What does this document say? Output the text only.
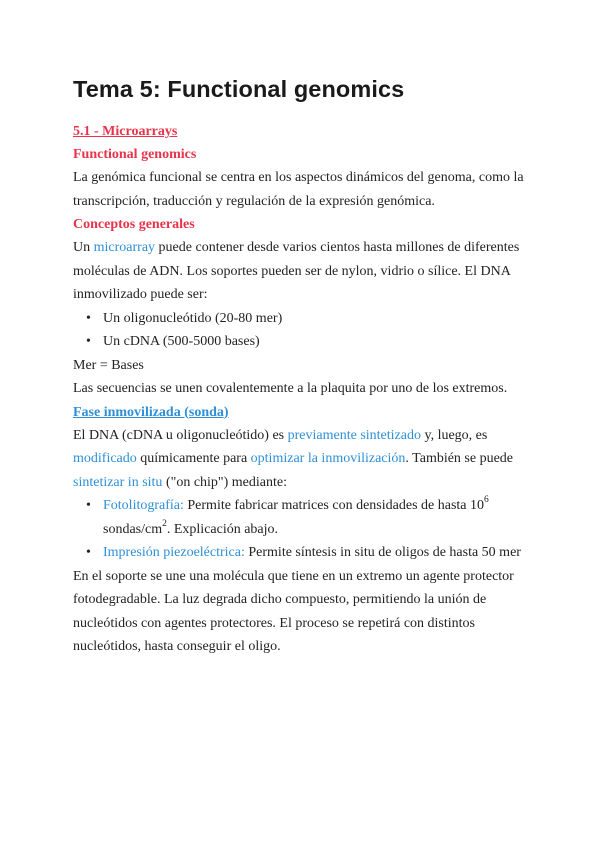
Tema 5: Functional genomics
5.1 - Microarrays
Functional genomics

La genómica funcional se centra en los aspectos dinámicos del genoma, como la transcripción, traducción y regulación de la expresión genómica.

Conceptos generales

Un microarray puede contener desde varios cientos hasta millones de diferentes moléculas de ADN. Los soportes pueden ser de nylon, vidrio o sílice. El DNA inmovilizado puede ser:

• Un oligonucleótido (20-80 mer)
• Un cDNA (500-5000 bases)

Mer = Bases

Las secuencias se unen covalentemente a la plaquita por uno de los extremos.

Fase inmovilizada (sonda)

El DNA (cDNA u oligonucleótido) es previamente sintetizado y, luego, es modificado químicamente para optimizar la inmovilización. También se puede sintetizar in situ ("on chip") mediante:

• Fotolitografía: Permite fabricar matrices con densidades de hasta $10^6$ sondas/$cm^2$. Explicación abajo.
• Impresión piezoeléctrica: Permite síntesis in situ de oligos de hasta 50 mer

En el soporte se une una molécula que tiene en un extremo un agente protector fotodegradable. La luz degrada dicho compuesto, permitiendo la unión de nucleótidos con agentes protectores. El proceso se repetirá con distintos nucleótidos, hasta conseguir el oligo.
